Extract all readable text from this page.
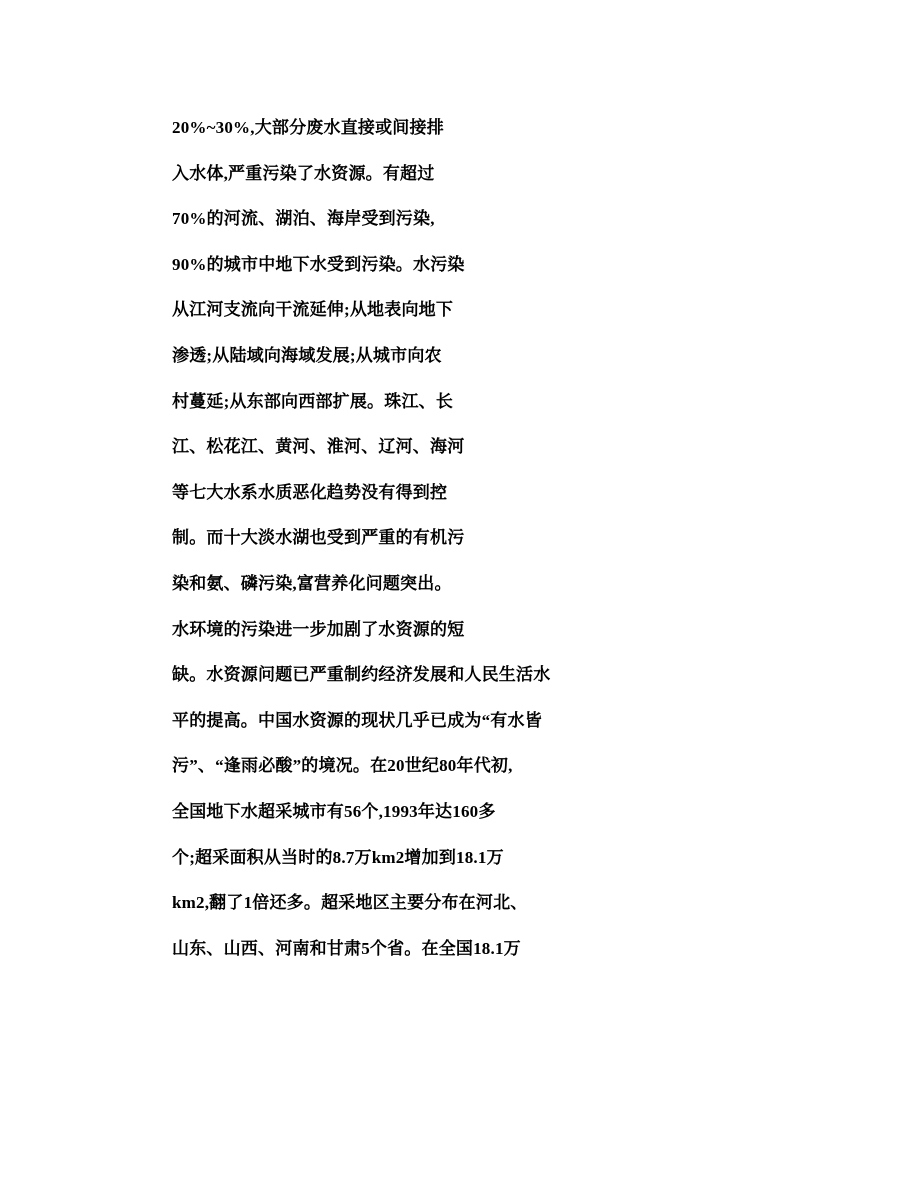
20%~30%,大部分废水直接或间接排
入水体,严重污染了水资源。有超过
70%的河流、湖泊、海岸受到污染,
90%的城市中地下水受到污染。水污染
从江河支流向干流延伸;从地表向地下
渗透;从陆域向海域发展;从城市向农
村蔓延;从东部向西部扩展。珠江、长
江、松花江、黄河、淮河、辽河、海河
等七大水系水质恶化趋势没有得到控
制。而十大淡水湖也受到严重的有机污
染和氨、磷污染,富营养化问题突出。
水环境的污染进一步加剧了水资源的短
缺。水资源问题已严重制约经济发展和人民生活水
平的提高。中国水资源的现状几乎已成为“有水皆
污”、“逢雨必酸”的境况。在20世纪80年代初,
全国地下水超采城市有56个,1993年达160多
个;超采面积从当时的8.7万km2增加到18.1万
km2,翻了1倍还多。超采地区主要分布在河北、
山东、山西、河南和甘肃5个省。在全国18.1万
